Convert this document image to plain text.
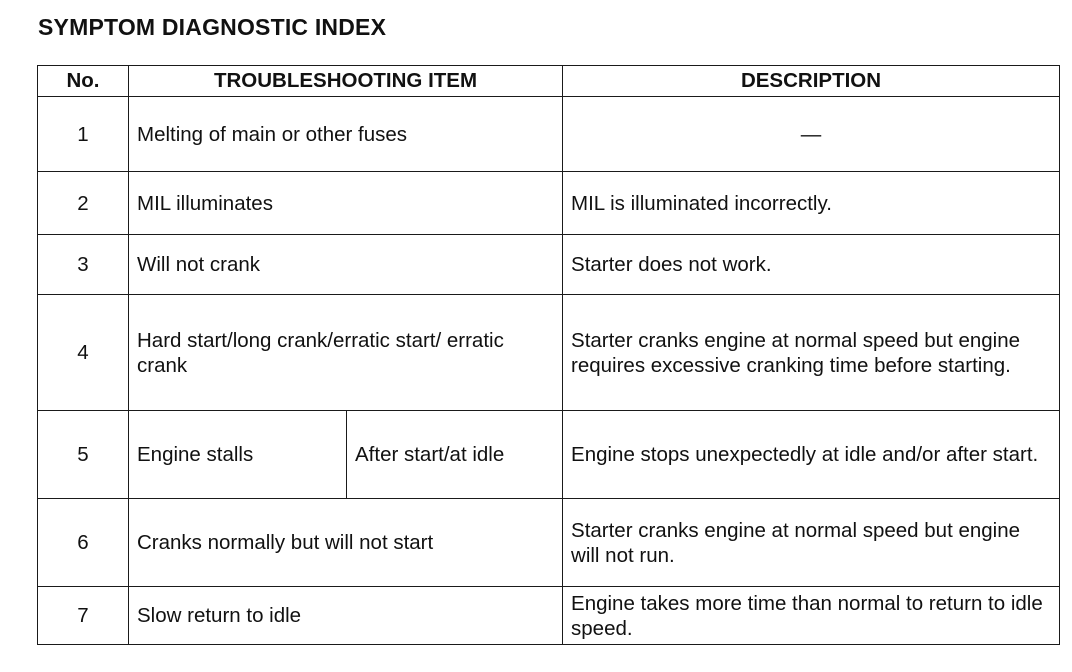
SYMPTOM DIAGNOSTIC INDEX
No.	TROUBLESHOOTING ITEM		DESCRIPTION
1	Melting of main or other fuses		—
2	MIL illuminates		MIL is illuminated incorrectly.
3	Will not crank		Starter does not work.
4	Hard start/long crank/erratic start/ erratic crank		Starter cranks engine at normal speed but engine requires excessive cranking time before starting.
5	Engine stalls	After start/at idle	Engine stops unexpectedly at idle and/or after start.
6	Cranks normally but will not start		Starter cranks engine at normal speed but engine will not run.
7	Slow return to idle		Engine takes more time than normal to return to idle speed.
